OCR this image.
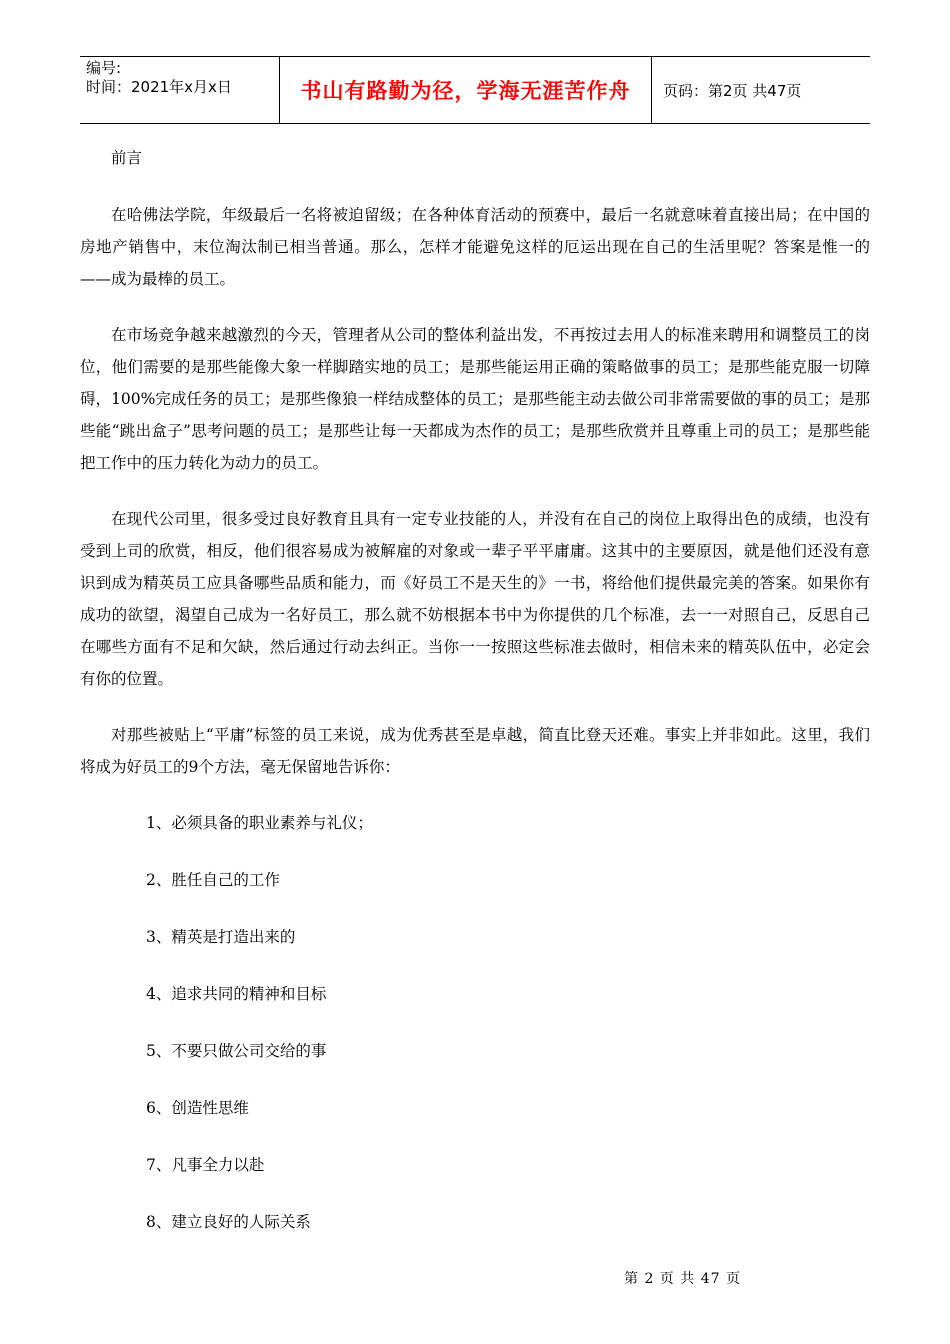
编号:
时间：2021年x月x日	书山有路勤为径，学海无涯苦作舟 页码：第2页 共47页

前言

在哈佛法学院，年级最后一名将被迫留级；在各种体育活动的预赛中，最后一名就意味着直接出局；在中国的房地产销售中，末位淘汰制已相当普通。那么，怎样才能避免这样的厄运出现在自己的生活里呢？答案是惟一的——成为最棒的员工。

在市场竞争越来越激烈的今天，管理者从公司的整体利益出发，不再按过去用人的标准来聘用和调整员工的岗位，他们需要的是那些能像大象一样脚踏实地的员工；是那些能运用正确的策略做事的员工；是那些能克服一切障碍，100%完成任务的员工；是那些像狼一样结成整体的员工；是那些能主动去做公司非常需要做的事的员工；是那些能“跳出盒子”思考问题的员工；是那些让每一天都成为杰作的员工；是那些欣赏并且尊重上司的员工；是那些能把工作中的压力转化为动力的员工。

在现代公司里，很多受过良好教育且具有一定专业技能的人，并没有在自己的岗位上取得出色的成绩，也没有受到上司的欣赏，相反，他们很容易成为被解雇的对象或一辈子平平庸庸。这其中的主要原因，就是他们还没有意识到成为精英员工应具备哪些品质和能力，而《好员工不是天生的》一书，将给他们提供最完美的答案。如果你有成功的欲望，渴望自己成为一名好员工，那么就不妨根据本书中为你提供的几个标准，去一一对照自己，反思自己在哪些方面有不足和欠缺，然后通过行动去纠正。当你一一按照这些标准去做时，相信未来的精英队伍中，必定会有你的位置。

对那些被贴上“平庸”标签的员工来说，成为优秀甚至是卓越，简直比登天还难。事实上并非如此。这里，我们将成为好员工的9个方法，毫无保留地告诉你：

1、必须具备的职业素养与礼仪；
2、胜任自己的工作
3、精英是打造出来的
4、追求共同的精神和目标
5、不要只做公司交给的事
6、创造性思维
7、凡事全力以赴
8、建立良好的人际关系
第 2 页 共 47 页
